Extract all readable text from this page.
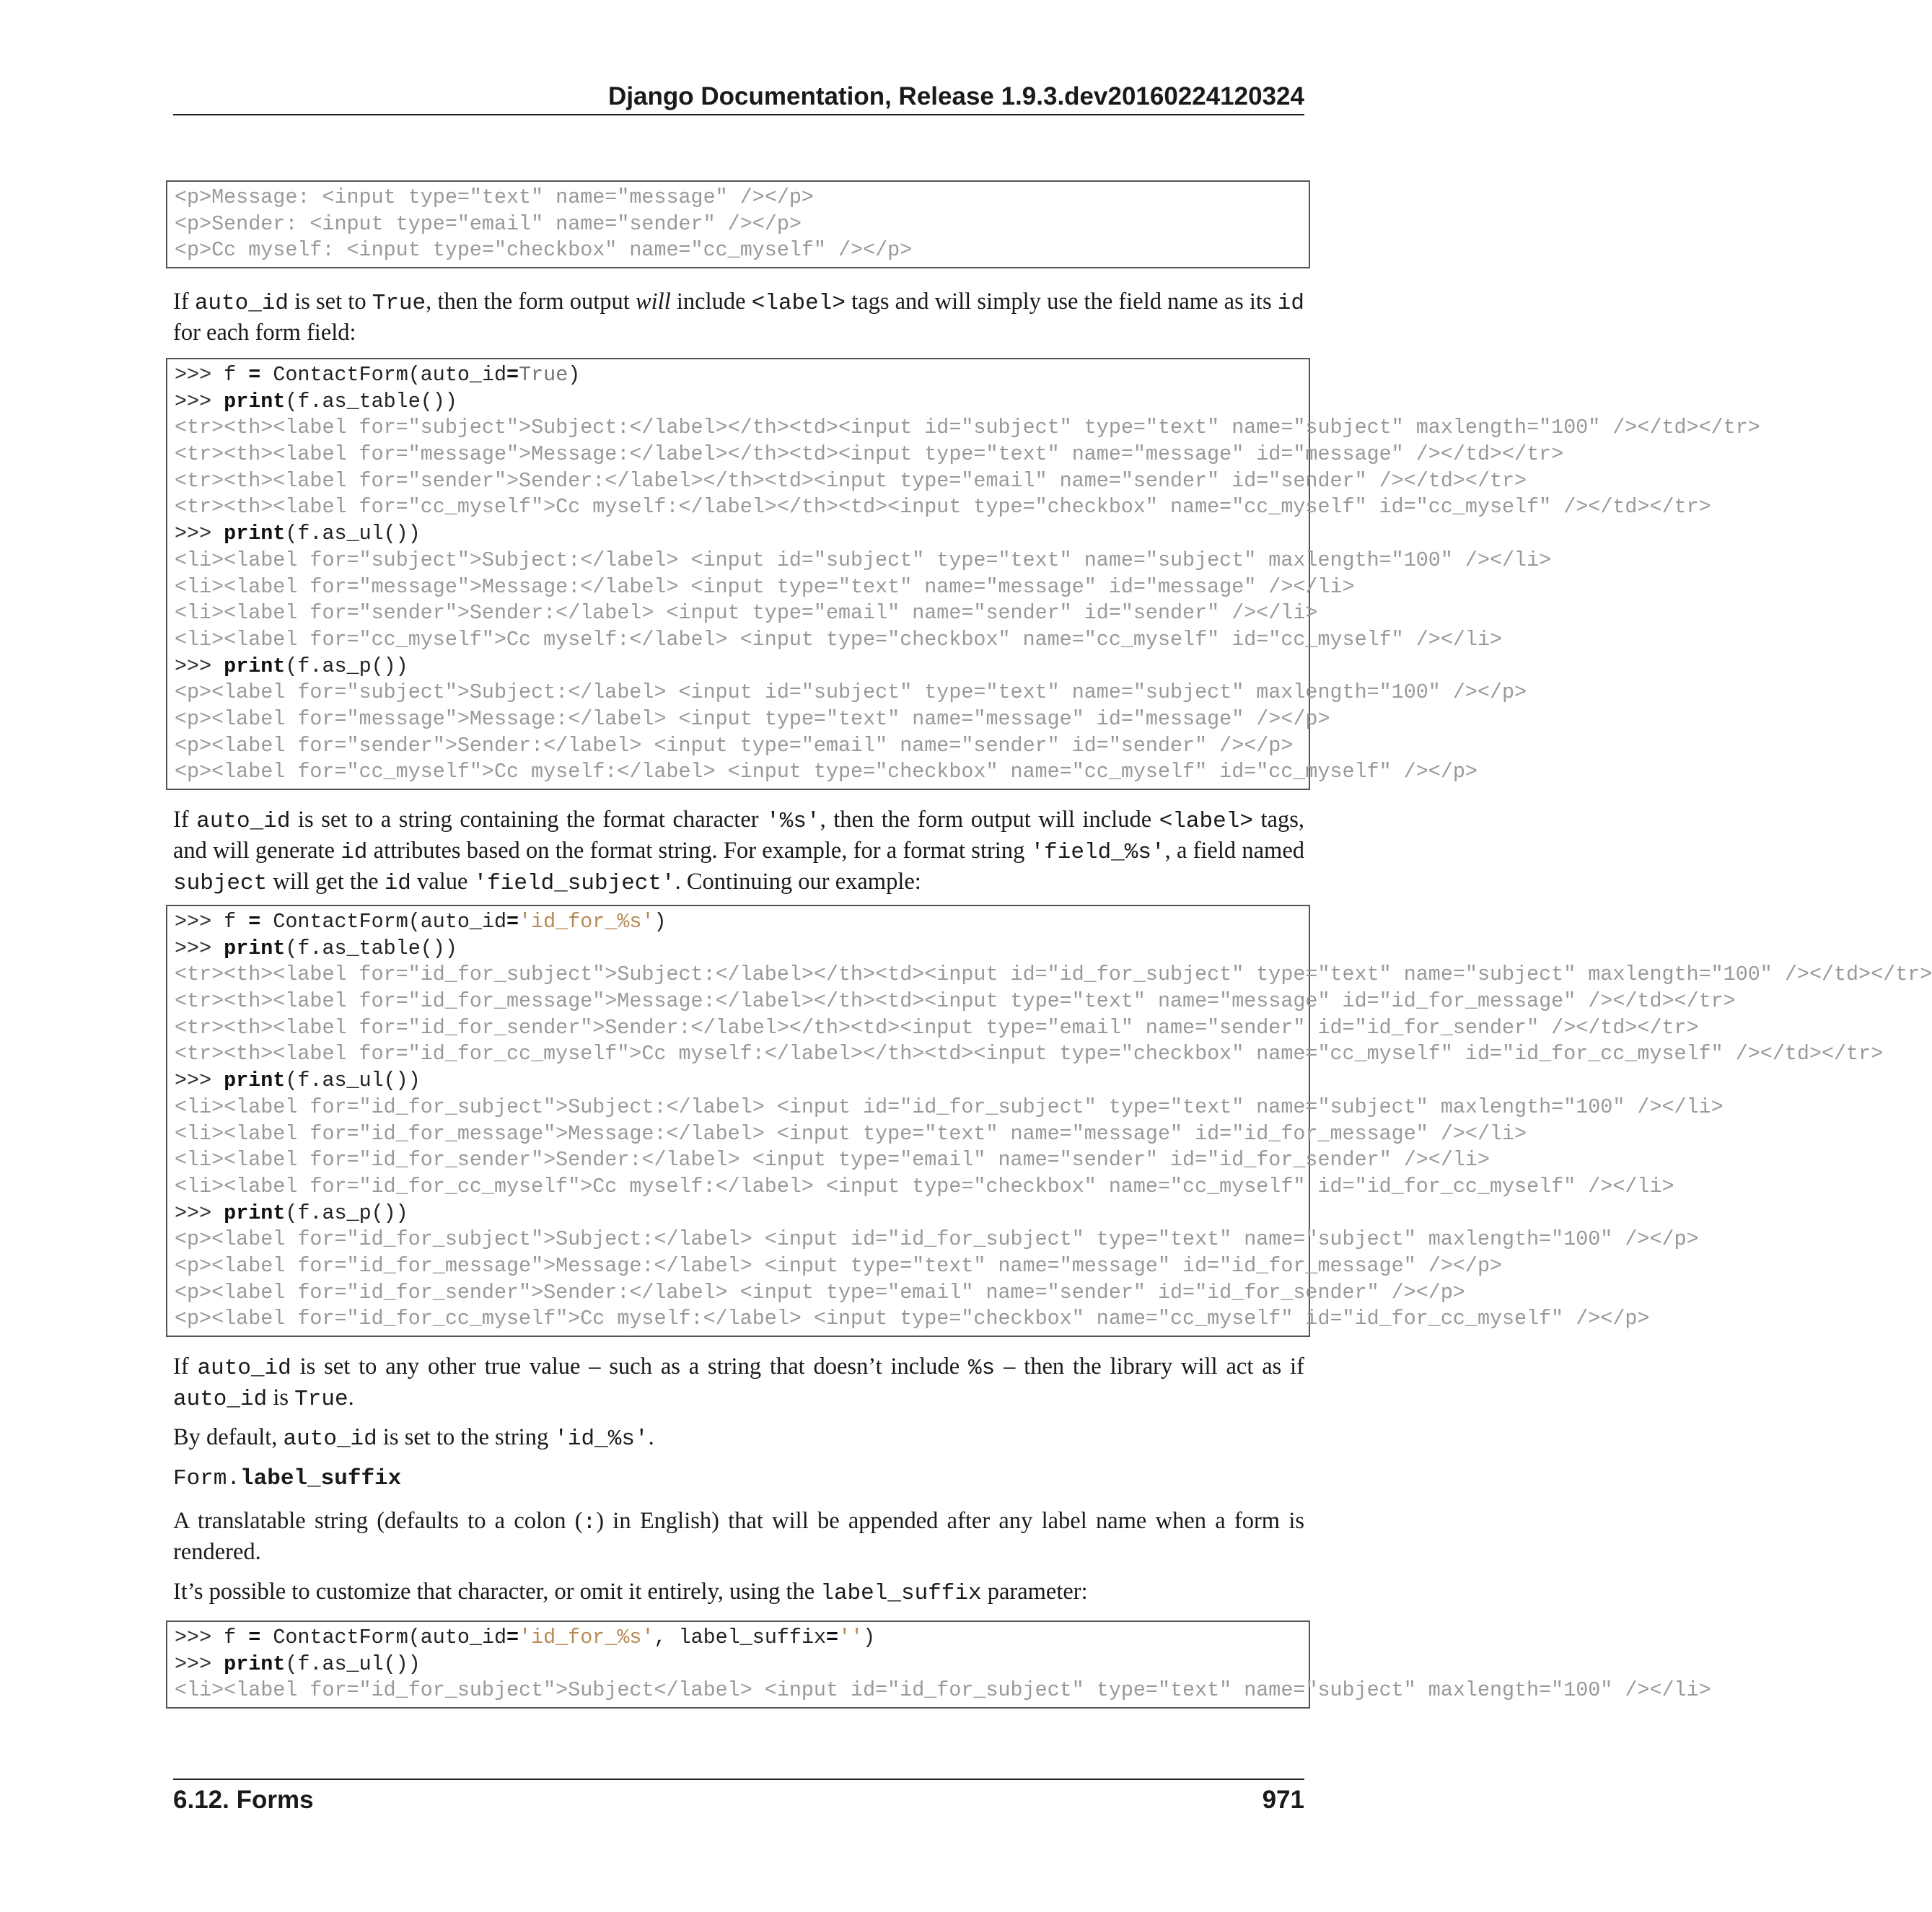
Django Documentation, Release 1.9.3.dev20160224120324
<p>Message: <input type="text" name="message" /></p>
<p>Sender: <input type="email" name="sender" /></p>
<p>Cc myself: <input type="checkbox" name="cc_myself" /></p>
If auto_id is set to True, then the form output will include <label> tags and will simply use the field name as its id for each form field:
>>> f = ContactForm(auto_id=True)
>>> print(f.as_table())
<tr><th><label for="subject">Subject:</label></th><td><input id="subject" type="text" name="subject" maxlength="100" /></td></tr>
<tr><th><label for="message">Message:</label></th><td><input type="text" name="message" id="message" /></td></tr>
<tr><th><label for="sender">Sender:</label></th><td><input type="email" name="sender" id="sender" /></td></tr>
<tr><th><label for="cc_myself">Cc myself:</label></th><td><input type="checkbox" name="cc_myself" id="cc_myself" /></td></tr>
>>> print(f.as_ul())
<li><label for="subject">Subject:</label> <input id="subject" type="text" name="subject" maxlength="100" /></li>
<li><label for="message">Message:</label> <input type="text" name="message" id="message" /></li>
<li><label for="sender">Sender:</label> <input type="email" name="sender" id="sender" /></li>
<li><label for="cc_myself">Cc myself:</label> <input type="checkbox" name="cc_myself" id="cc_myself" /></li>
>>> print(f.as_p())
<p><label for="subject">Subject:</label> <input id="subject" type="text" name="subject" maxlength="100" /></p>
<p><label for="message">Message:</label> <input type="text" name="message" id="message" /></p>
<p><label for="sender">Sender:</label> <input type="email" name="sender" id="sender" /></p>
<p><label for="cc_myself">Cc myself:</label> <input type="checkbox" name="cc_myself" id="cc_myself" /></p>
If auto_id is set to a string containing the format character '%s', then the form output will include <label> tags, and will generate id attributes based on the format string. For example, for a format string 'field_%s', a field named subject will get the id value 'field_subject'. Continuing our example:
>>> f = ContactForm(auto_id='id_for_%s')
>>> print(f.as_table())
<tr><th><label for="id_for_subject">Subject:</label></th><td><input id="id_for_subject" type="text" name="subject" maxlength="100" /></td></tr>
<tr><th><label for="id_for_message">Message:</label></th><td><input type="text" name="message" id="id_for_message" /></td></tr>
<tr><th><label for="id_for_sender">Sender:</label></th><td><input type="email" name="sender" id="id_for_sender" /></td></tr>
<tr><th><label for="id_for_cc_myself">Cc myself:</label></th><td><input type="checkbox" name="cc_myself" id="id_for_cc_myself" /></td></tr>
>>> print(f.as_ul())
<li><label for="id_for_subject">Subject:</label> <input id="id_for_subject" type="text" name="subject" maxlength="100" /></li>
<li><label for="id_for_message">Message:</label> <input type="text" name="message" id="id_for_message" /></li>
<li><label for="id_for_sender">Sender:</label> <input type="email" name="sender" id="id_for_sender" /></li>
<li><label for="id_for_cc_myself">Cc myself:</label> <input type="checkbox" name="cc_myself" id="id_for_cc_myself" /></li>
>>> print(f.as_p())
<p><label for="id_for_subject">Subject:</label> <input id="id_for_subject" type="text" name="subject" maxlength="100" /></p>
<p><label for="id_for_message">Message:</label> <input type="text" name="message" id="id_for_message" /></p>
<p><label for="id_for_sender">Sender:</label> <input type="email" name="sender" id="id_for_sender" /></p>
<p><label for="id_for_cc_myself">Cc myself:</label> <input type="checkbox" name="cc_myself" id="id_for_cc_myself" /></p>
If auto_id is set to any other true value – such as a string that doesn’t include %s – then the library will act as if auto_id is True.
By default, auto_id is set to the string 'id_%s'.
Form.label_suffix
A translatable string (defaults to a colon (:) in English) that will be appended after any label name when a form is rendered.
It’s possible to customize that character, or omit it entirely, using the label_suffix parameter:
>>> f = ContactForm(auto_id='id_for_%s', label_suffix='')
>>> print(f.as_ul())
<li><label for="id_for_subject">Subject</label> <input id="id_for_subject" type="text" name="subject" maxlength="100" /></li>
6.12. Forms	971
